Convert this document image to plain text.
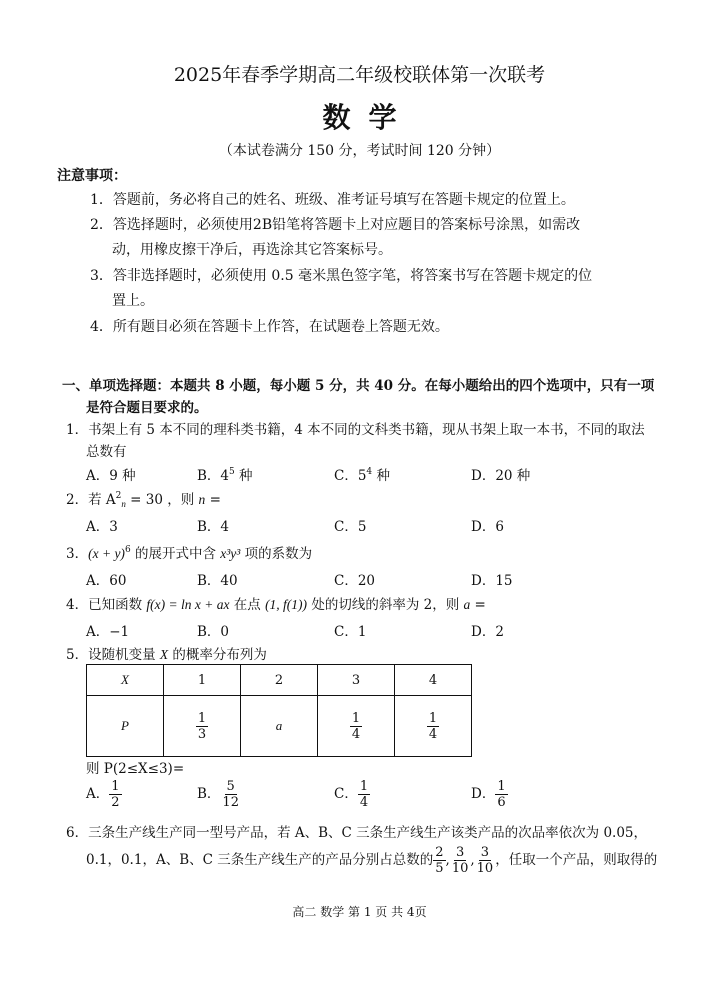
2025年春季学期高二年级校联体第一次联考
数学
（本试卷满分 150 分，考试时间 120 分钟）
注意事项：
1．答题前，务必将自己的姓名、班级、准考证号填写在答题卡规定的位置上。
2．答选择题时，必须使用2B铅笔将答题卡上对应题目的答案标号涂黑，如需改
动，用橡皮擦干净后，再选涂其它答案标号。
3．答非选择题时，必须使用 0.5 毫米黑色签字笔，将答案书写在答题卡规定的位
置上。
4．所有题目必须在答题卡上作答，在试题卷上答题无效。
一、单项选择题：本题共 8 小题，每小题 5 分，共 40 分。在每小题给出的四个选项中，只有一项
是符合题目要求的。
1．书架上有 5 本不同的理科类书籍，4 本不同的文科类书籍，现从书架上取一本书，不同的取法
总数有
A．9 种	B．$4^5$ 种	C．$5^4$ 种	D．20 种
2．若 $A^2_n = 30$ ，则 n =
A．3	B．4	C．5	D．6
3．$(x + y)^6$ 的展开式中含 x³y³ 项的系数为
A．60	B．40	C．20	D．15
4．已知函数 f(x) = ln x + ax 在点 (1, f(1)) 处的切线的斜率为 2，则 a =
A．−1	B．0	C．1	D．2
5．设随机变量 X 的概率分布列为
X	1	2	3	4
P	$\frac{1}{3}$	a	$\frac{1}{4}$	$\frac{1}{4}$
则 P(2≤X≤3)=
A． $\frac{1}{2}$	B． $\frac{5}{12}$	C． $\frac{1}{4}$	D． $\frac{1}{6}$
6．三条生产线生产同一型号产品，若 A、B、C 三条生产线生产该类产品的次品率依次为 0.05，
0.1，0.1，A、B、C 三条生产线生产的产品分别占总数的 $\frac{2}{5}$ , $\frac{3}{10}$ , $\frac{3}{10}$ ，任取一个产品，则取得的
高二 数学 第 1 页 共 4页
